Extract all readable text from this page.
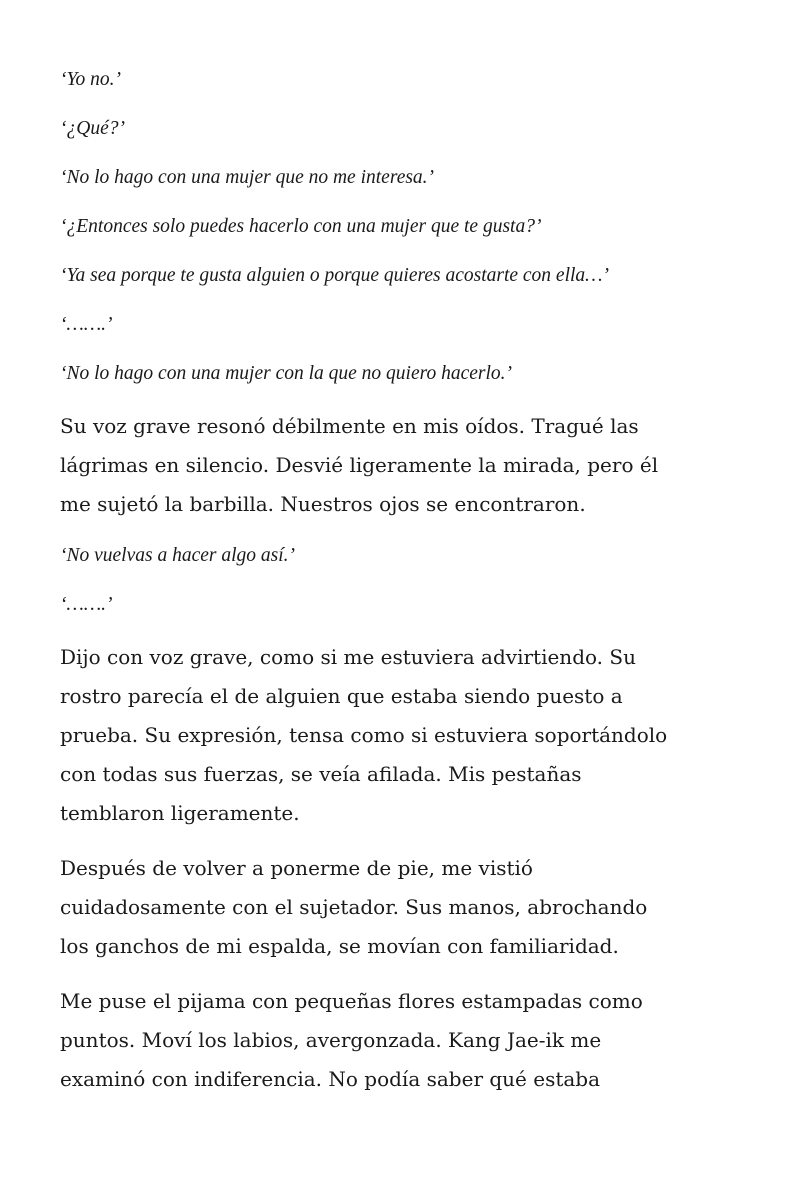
‘Yo no.’
‘¿Qué?’
‘No lo hago con una mujer que no me interesa.’
‘¿Entonces solo puedes hacerlo con una mujer que te gusta?’
‘Ya sea porque te gusta alguien o porque quieres acostarte con ella…’
‘…….’
‘No lo hago con una mujer con la que no quiero hacerlo.’
Su voz grave resonó débilmente en mis oídos. Tragué las
lágrimas en silencio. Desvié ligeramente la mirada, pero él
me sujetó la barbilla. Nuestros ojos se encontraron.
‘No vuelvas a hacer algo así.’
‘…….’
Dijo con voz grave, como si me estuviera advirtiendo. Su
rostro parecía el de alguien que estaba siendo puesto a
prueba. Su expresión, tensa como si estuviera soportándolo
con todas sus fuerzas, se veía afilada. Mis pestañas
temblaron ligeramente.
Después de volver a ponerme de pie, me vistió
cuidadosamente con el sujetador. Sus manos, abrochando
los ganchos de mi espalda, se movían con familiaridad.
Me puse el pijama con pequeñas flores estampadas como
puntos. Moví los labios, avergonzada. Kang Jae-ik me
examinó con indiferencia. No podía saber qué estaba
